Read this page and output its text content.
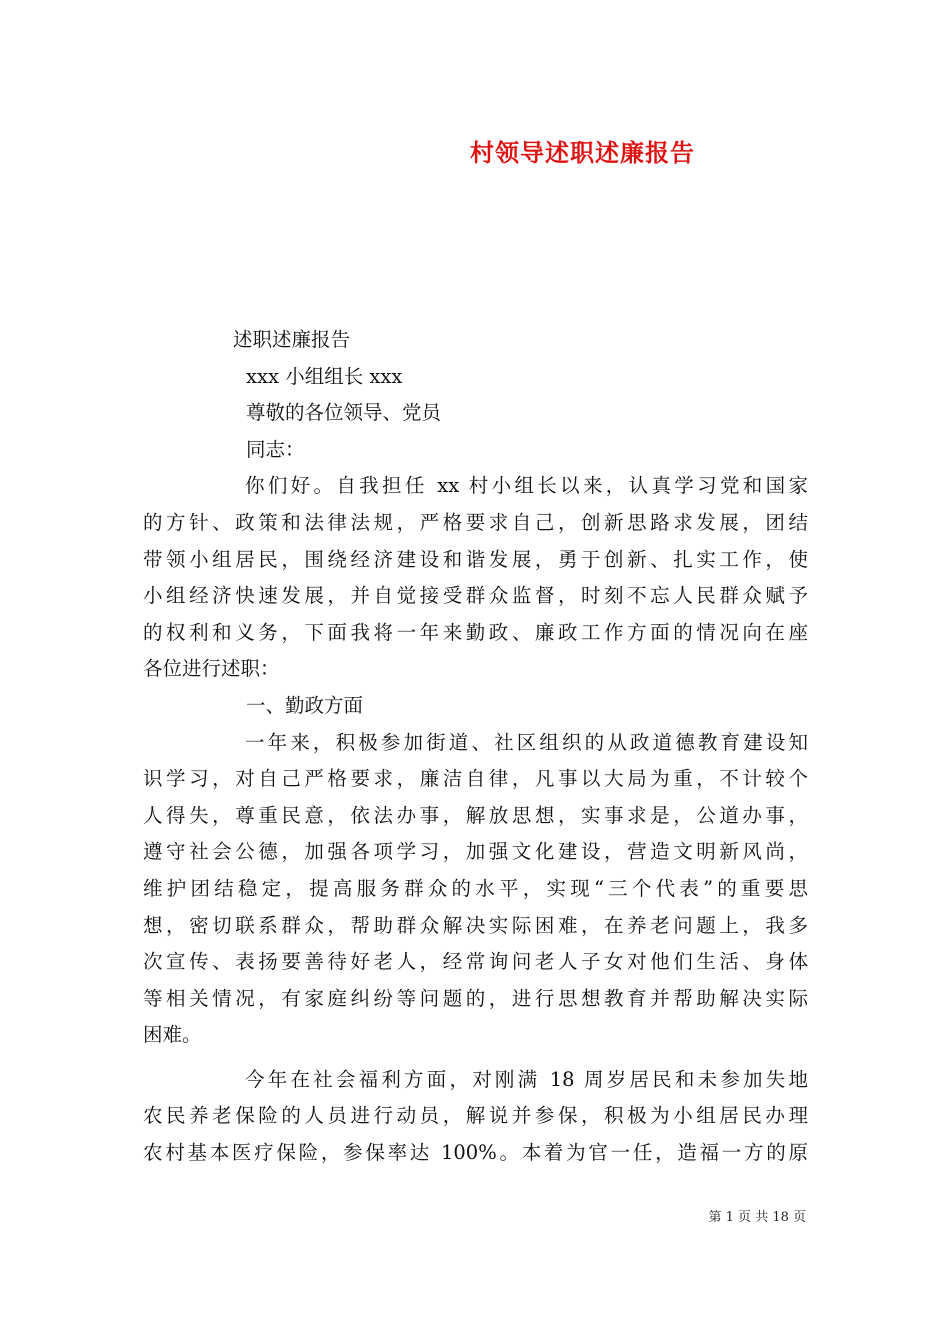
村领导述职述廉报告
述职述廉报告
xxx 小组组长 xxx
尊敬的各位领导、党员
同志：
你们好。自我担任 xx 村小组长以来，认真学习党和国家
的方针、政策和法律法规，严格要求自己，创新思路求发展，团结
带领小组居民，围绕经济建设和谐发展，勇于创新、扎实工作，使
小组经济快速发展，并自觉接受群众监督，时刻不忘人民群众赋予
的权利和义务，下面我将一年来勤政、廉政工作方面的情况向在座
各位进行述职：
一、勤政方面
一年来，积极参加街道、社区组织的从政道德教育建设知
识学习，对自己严格要求，廉洁自律，凡事以大局为重，不计较个
人得失，尊重民意，依法办事，解放思想，实事求是，公道办事，
遵守社会公德，加强各项学习，加强文化建设，营造文明新风尚，
维护团结稳定，提高服务群众的水平，实现“三个代表”的重要思
想，密切联系群众，帮助群众解决实际困难，在养老问题上，我多
次宣传、表扬要善待好老人，经常询问老人子女对他们生活、身体
等相关情况，有家庭纠纷等问题的，进行思想教育并帮助解决实际
困难。
今年在社会福利方面，对刚满 18 周岁居民和未参加失地
农民养老保险的人员进行动员，解说并参保，积极为小组居民办理
农村基本医疗保险，参保率达 100%。本着为官一任，造福一方的原
第 1 页 共 18 页
